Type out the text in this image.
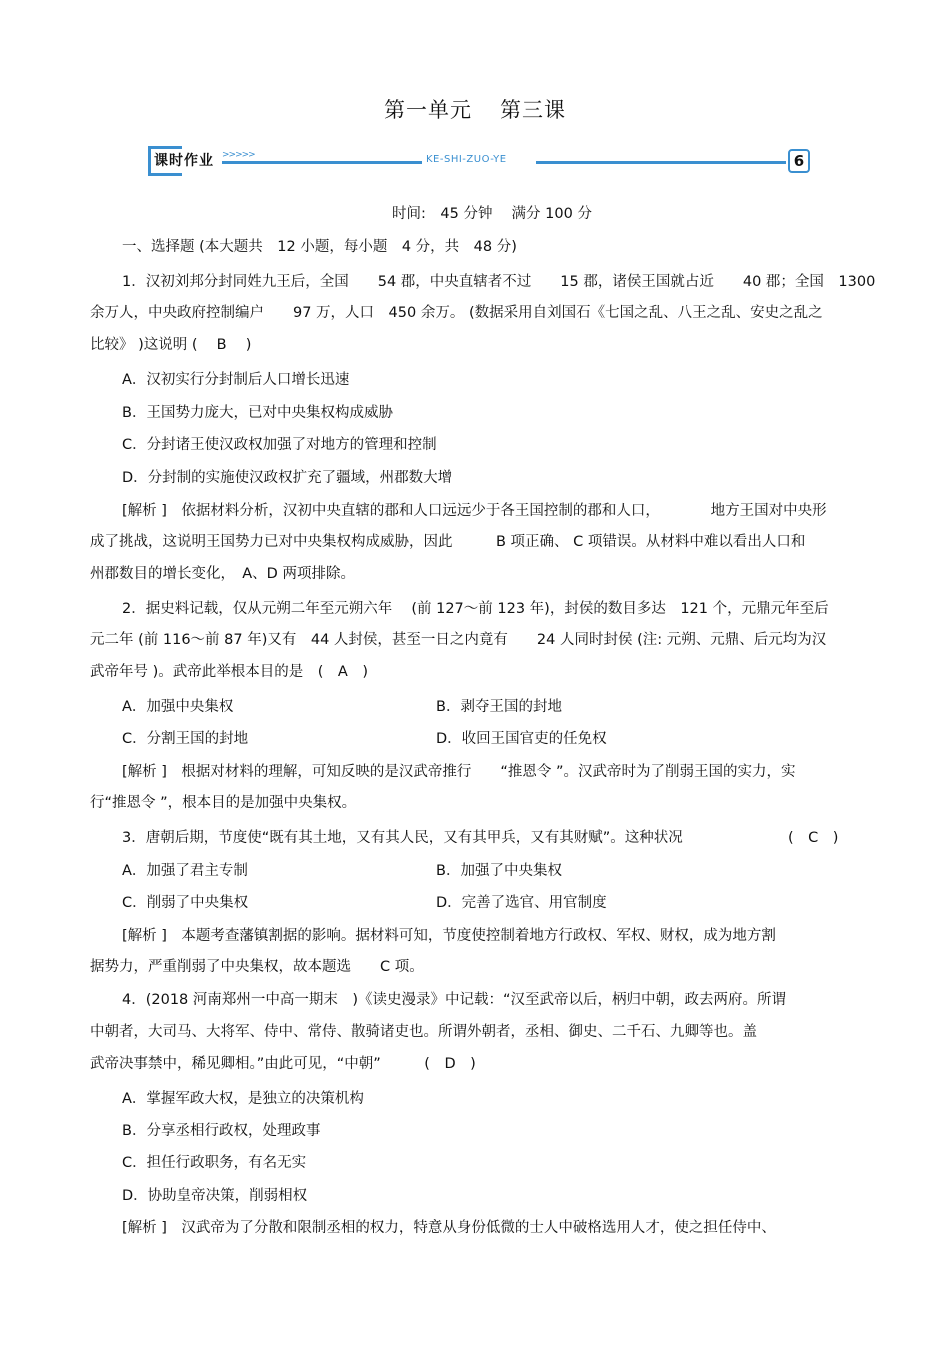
第一单元 第三课
课时作业 >>>>>	KE-SHI-ZUO-YE	6
时间:　45 分钟　 满分 100 分
一、选择题 (本大题共　12 小题，每小题　4 分，共　48 分)
1．汉初刘邦分封同姓九王后，全国　　54 郡，中央直辖者不过　　15 郡，诸侯王国就占近　　40 郡；全国　1300
余万人，中央政府控制编户　　97 万，人口　450 余万。 (数据采用自刘国石《七国之乱、八王之乱、安史之乱之
比较》 )这说明 (　 B 　)
A．汉初实行分封制后人口增长迅速
B．王国势力庞大，已对中央集权构成威胁
C．分封诸王使汉政权加强了对地方的管理和控制
D．分封制的实施使汉政权扩充了疆域，州郡数大增
[解析 ]　依据材料分析，汉初中央直辖的郡和人口远远少于各王国控制的郡和人口，　　　　地方王国对中央形
成了挑战，这说明王国势力已对中央集权构成威胁，因此　　　B 项正确、 C 项错误。从材料中难以看出人口和
州郡数目的增长变化，　A、D 两项排除。
2．据史料记载，仅从元朔二年至元朔六年　 (前 127～前 123 年)，封侯的数目多达　121 个，元鼎元年至后
元二年 (前 116～前 87 年)又有　44 人封侯，甚至一日之内竟有　　24 人同时封侯 (注: 元朔、元鼎、后元均为汉
武帝年号 )。武帝此举根本目的是　(　A　)
A．加强中央集权	B．剥夺王国的封地
C．分割王国的封地	D．收回王国官吏的任免权
[解析 ]　根据对材料的理解，可知反映的是汉武帝推行　　“推恩令 ”。汉武帝时为了削弱王国的实力，实
行“推恩令 ”，根本目的是加强中央集权。
3．唐朝后期，节度使“既有其土地，又有其人民，又有其甲兵，又有其财赋”。这种状况	(　C　)
A．加强了君主专制	B．加强了中央集权
C．削弱了中央集权	D．完善了选官、用官制度
[解析 ]　本题考查藩镇割据的影响。据材料可知，节度使控制着地方行政权、军权、财权，成为地方割
据势力，严重削弱了中央集权，故本题选　　C 项。
4．(2018 河南郑州一中高一期末　)《读史漫录》中记载：“汉至武帝以后，柄归中朝，政去两府。所谓
中朝者，大司马、大将军、侍中、常侍、散骑诸吏也。所谓外朝者，丞相、御史、二千石、九卿等也。盖
武帝决事禁中，稀见卿相。”由此可见，“中朝”　　　(　D　)
A．掌握军政大权，是独立的决策机构
B．分享丞相行政权，处理政事
C．担任行政职务，有名无实
D．协助皇帝决策，削弱相权
[解析 ]　汉武帝为了分散和限制丞相的权力，特意从身份低微的士人中破格选用人才，使之担任侍中、
